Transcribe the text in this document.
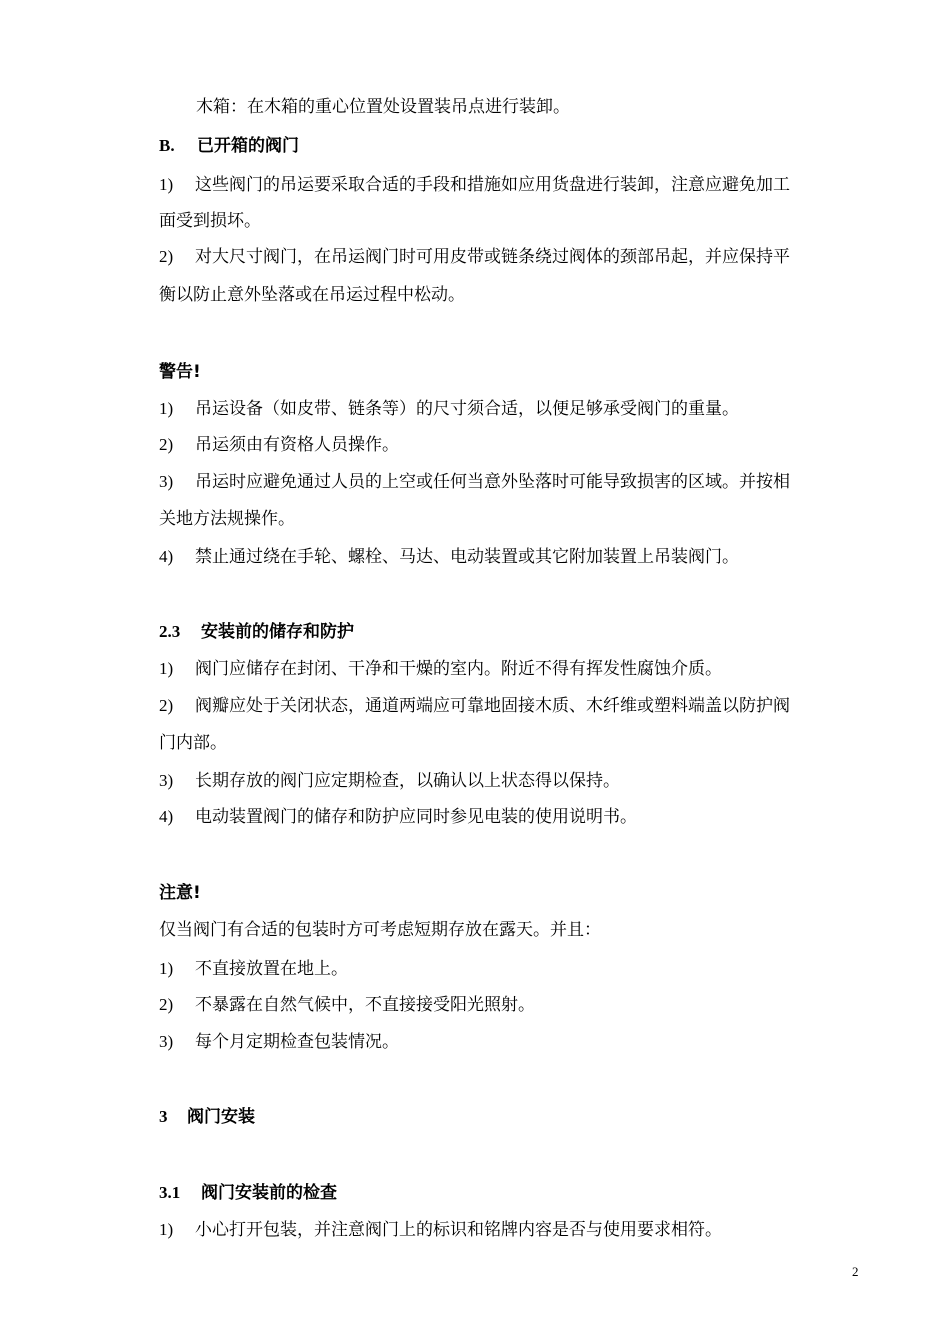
木箱：在木箱的重心位置处设置装吊点进行装卸。
B. 已开箱的阀门
1) 这些阀门的吊运要采取合适的手段和措施如应用货盘进行装卸，注意应避免加工
面受到损坏。
2) 对大尺寸阀门，在吊运阀门时可用皮带或链条绕过阀体的颈部吊起，并应保持平
衡以防止意外坠落或在吊运过程中松动。
警告!
1) 吊运设备（如皮带、链条等）的尺寸须合适，以便足够承受阀门的重量。
2) 吊运须由有资格人员操作。
3) 吊运时应避免通过人员的上空或任何当意外坠落时可能导致损害的区域。并按相
关地方法规操作。
4) 禁止通过绕在手轮、螺栓、马达、电动装置或其它附加装置上吊装阀门。
2.3 安装前的储存和防护
1) 阀门应储存在封闭、干净和干燥的室内。附近不得有挥发性腐蚀介质。
2) 阀瓣应处于关闭状态，通道两端应可靠地固接木质、木纤维或塑料端盖以防护阀
门内部。
3) 长期存放的阀门应定期检查，以确认以上状态得以保持。
4) 电动装置阀门的储存和防护应同时参见电装的使用说明书。
注意!
仅当阀门有合适的包装时方可考虑短期存放在露天。并且：
1) 不直接放置在地上。
2) 不暴露在自然气候中，不直接接受阳光照射。
3) 每个月定期检查包装情况。
3 阀门安装
3.1 阀门安装前的检查
1) 小心打开包装，并注意阀门上的标识和铭牌内容是否与使用要求相符。
2
